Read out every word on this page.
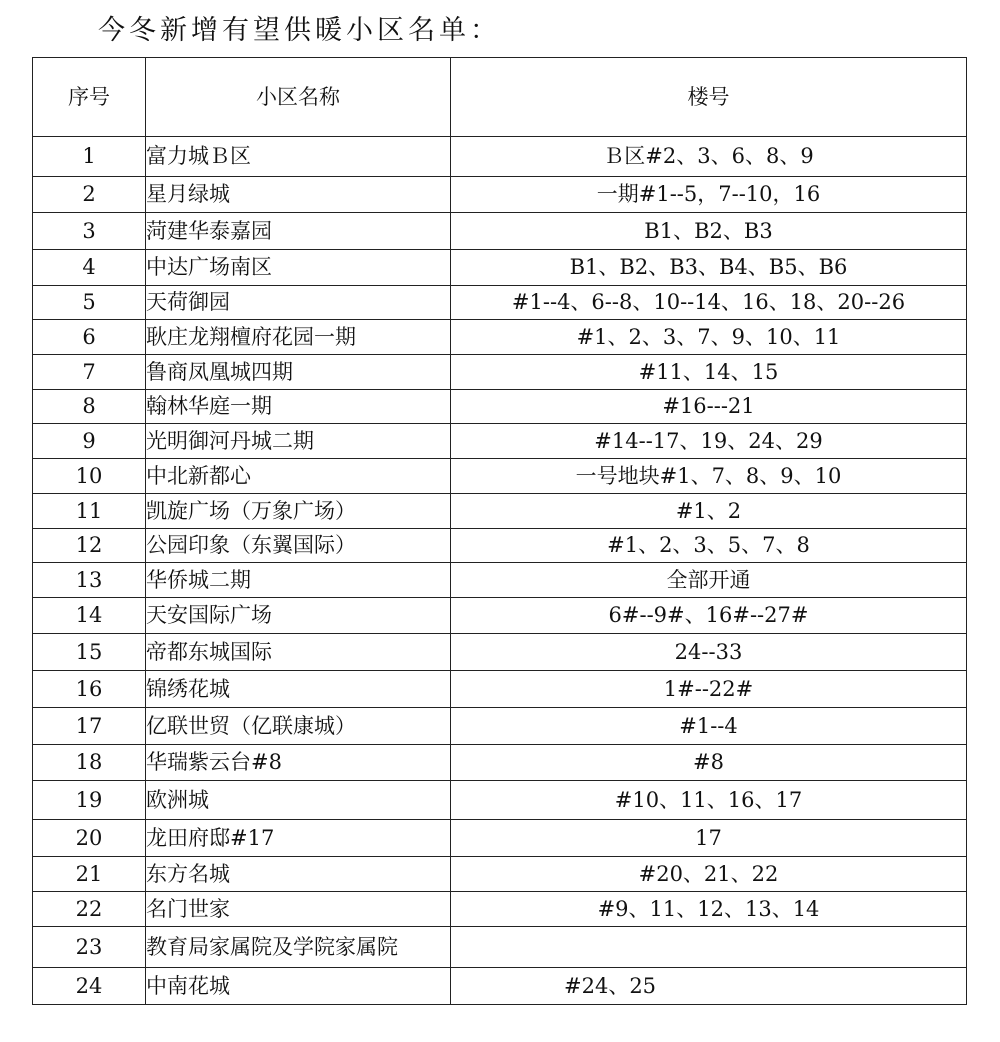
今冬新增有望供暖小区名单：
序号	小区名称	楼号
1	富力城Ｂ区	Ｂ区#2、3、6、8、9
2	星月绿城	一期#1--5，7--10，16
3	菏建华泰嘉园	B1、B2、B3
4	中达广场南区	B1、B2、B3、B4、B5、B6
5	天荷御园	#1--4、6--8、10--14、16、18、20--26
6	耿庄龙翔檀府花园一期	#1、2、3、7、9、10、11
7	鲁商凤凰城四期	#11、14、15
8	翰林华庭一期	#16---21
9	光明御河丹城二期	#14--17、19、24、29
10	中北新都心	一号地块#1、7、8、9、10
11	凯旋广场（万象广场）	#1、2
12	公园印象（东翼国际）	#1、2、3、5、7、8
13	华侨城二期	全部开通
14	天安国际广场	6#--9#、16#--27#
15	帝都东城国际	24--33
16	锦绣花城	1#--22#
17	亿联世贸（亿联康城）	#1--4
18	华瑞紫云台#8	#8
19	欧洲城	#10、11、16、17
20	龙田府邸#17	17
21	东方名城	#20、21、22
22	名门世家	#9、11、12、13、14
23	教育局家属院及学院家属院	
24	中南花城	#24、25
